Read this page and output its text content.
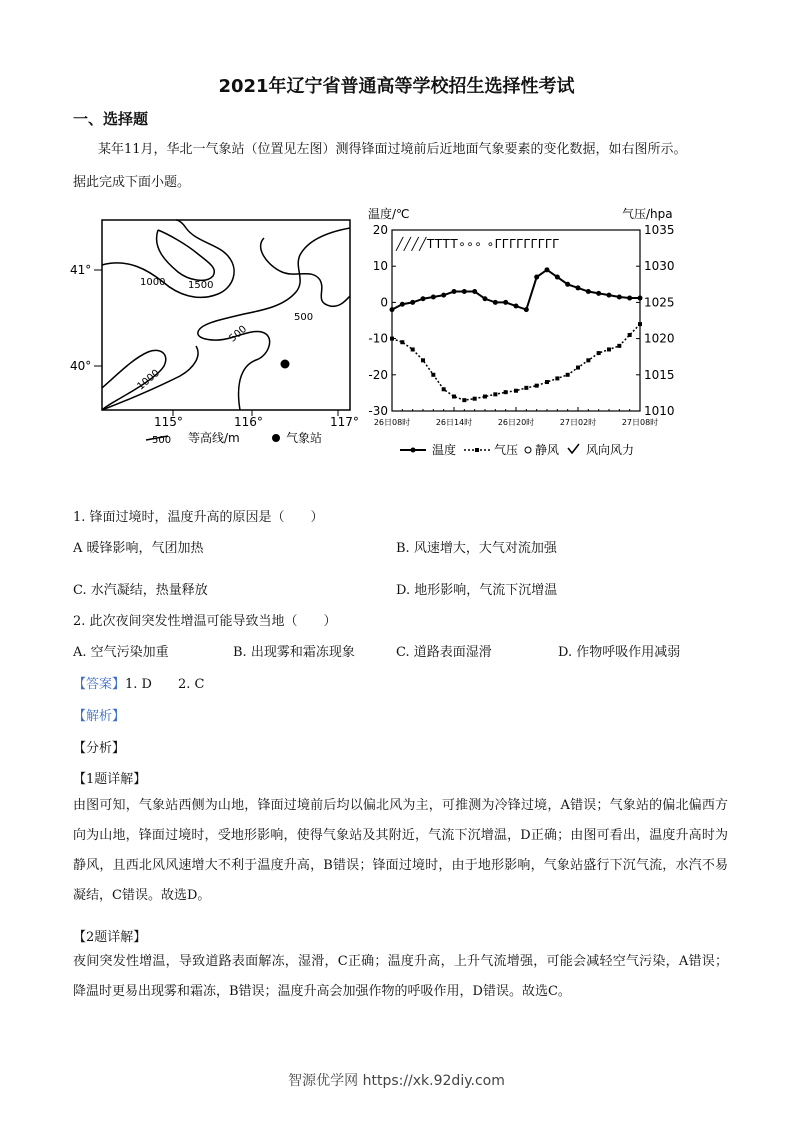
2021年辽宁省普通高等学校招生选择性考试
一、选择题
某年11月，华北一气象站（位置见左图）测得锋面过境前后近地面气象要素的变化数据，如右图所示。
据此完成下面小题。
1000 1500
500
500
1000
41°
40°
115°	116°	117°
500 等高线/m	气象站
温度/℃	气压/hpa
20
10
0
-10
-20
-30
1035
1030
1025
1020
1015
1010
26日08时	26日14时	26日20时	27日02时	27日08时
╱╱╱╱ΤΤΤΤ∘∘∘ ∘ΓΓΓΓΓΓΓΓΓ
温度	气压 静风 风向风力
1. 锋面过境时，温度升高的原因是（　　）
A 暖锋影响，气团加热	B. 风速增大，大气对流加强
C. 水汽凝结，热量释放	D. 地形影响，气流下沉增温
2. 此次夜间突发性增温可能导致当地（　　）
A. 空气污染加重	B. 出现雾和霜冻现象	C. 道路表面湿滑	D. 作物呼吸作用减弱
【答案】1. D　　2. C
【解析】
【分析】
【1题详解】
由图可知，气象站西侧为山地，锋面过境前后均以偏北风为主，可推测为冷锋过境，A错误；气象站的偏北偏西方向为山地，锋面过境时，受地形影响，使得气象站及其附近，气流下沉增温，D正确；由图可看出，温度升高时为静风，且西北风风速增大不利于温度升高，B错误；锋面过境时，由于地形影响，气象站盛行下沉气流，水汽不易凝结，C错误。故选D。
【2题详解】
夜间突发性增温，导致道路表面解冻，湿滑，C正确；温度升高，上升气流增强，可能会减轻空气污染，A错误；降温时更易出现雾和霜冻，B错误；温度升高会加强作物的呼吸作用，D错误。故选C。
智源优学网 https://xk.92diy.com
